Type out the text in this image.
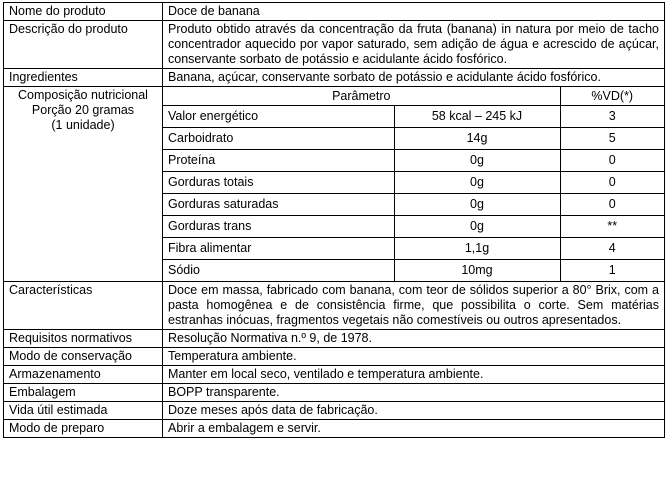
Nome do produto	Doce de banana
Descrição do produto	Produto obtido através da concentração da fruta (banana) in natura por meio de tacho concentrador aquecido por vapor saturado, sem adição de água e acrescido de açúcar, conservante sorbato de potássio e acidulante ácido fosfórico.
Ingredientes	Banana, açúcar, conservante sorbato de potássio e acidulante ácido fosfórico.

Composição nutricional
Porção 20 gramas
(1 unidade)

Parâmetro	%VD(*)
Valor energético	58 kcal – 245 kJ	3
Carboidrato	14g	5
Proteína	0g	0
Gorduras totais	0g	0
Gorduras saturadas	0g	0
Gorduras trans	0g	**
Fibra alimentar	1,1g	4
Sódio	10mg	1

Características	Doce em massa, fabricado com banana, com teor de sólidos superior a 80° Brix, com a pasta homogênea e de consistência firme, que possibilita o corte. Sem matérias estranhas inócuas, fragmentos vegetais não comestíveis ou outros apresentados.
Requisitos normativos	Resolução Normativa n.º 9, de 1978.
Modo de conservação	Temperatura ambiente.
Armazenamento	Manter em local seco, ventilado e temperatura ambiente.
Embalagem	BOPP transparente.
Vida útil estimada	Doze meses após data de fabricação.
Modo de preparo	Abrir a embalagem e servir.
